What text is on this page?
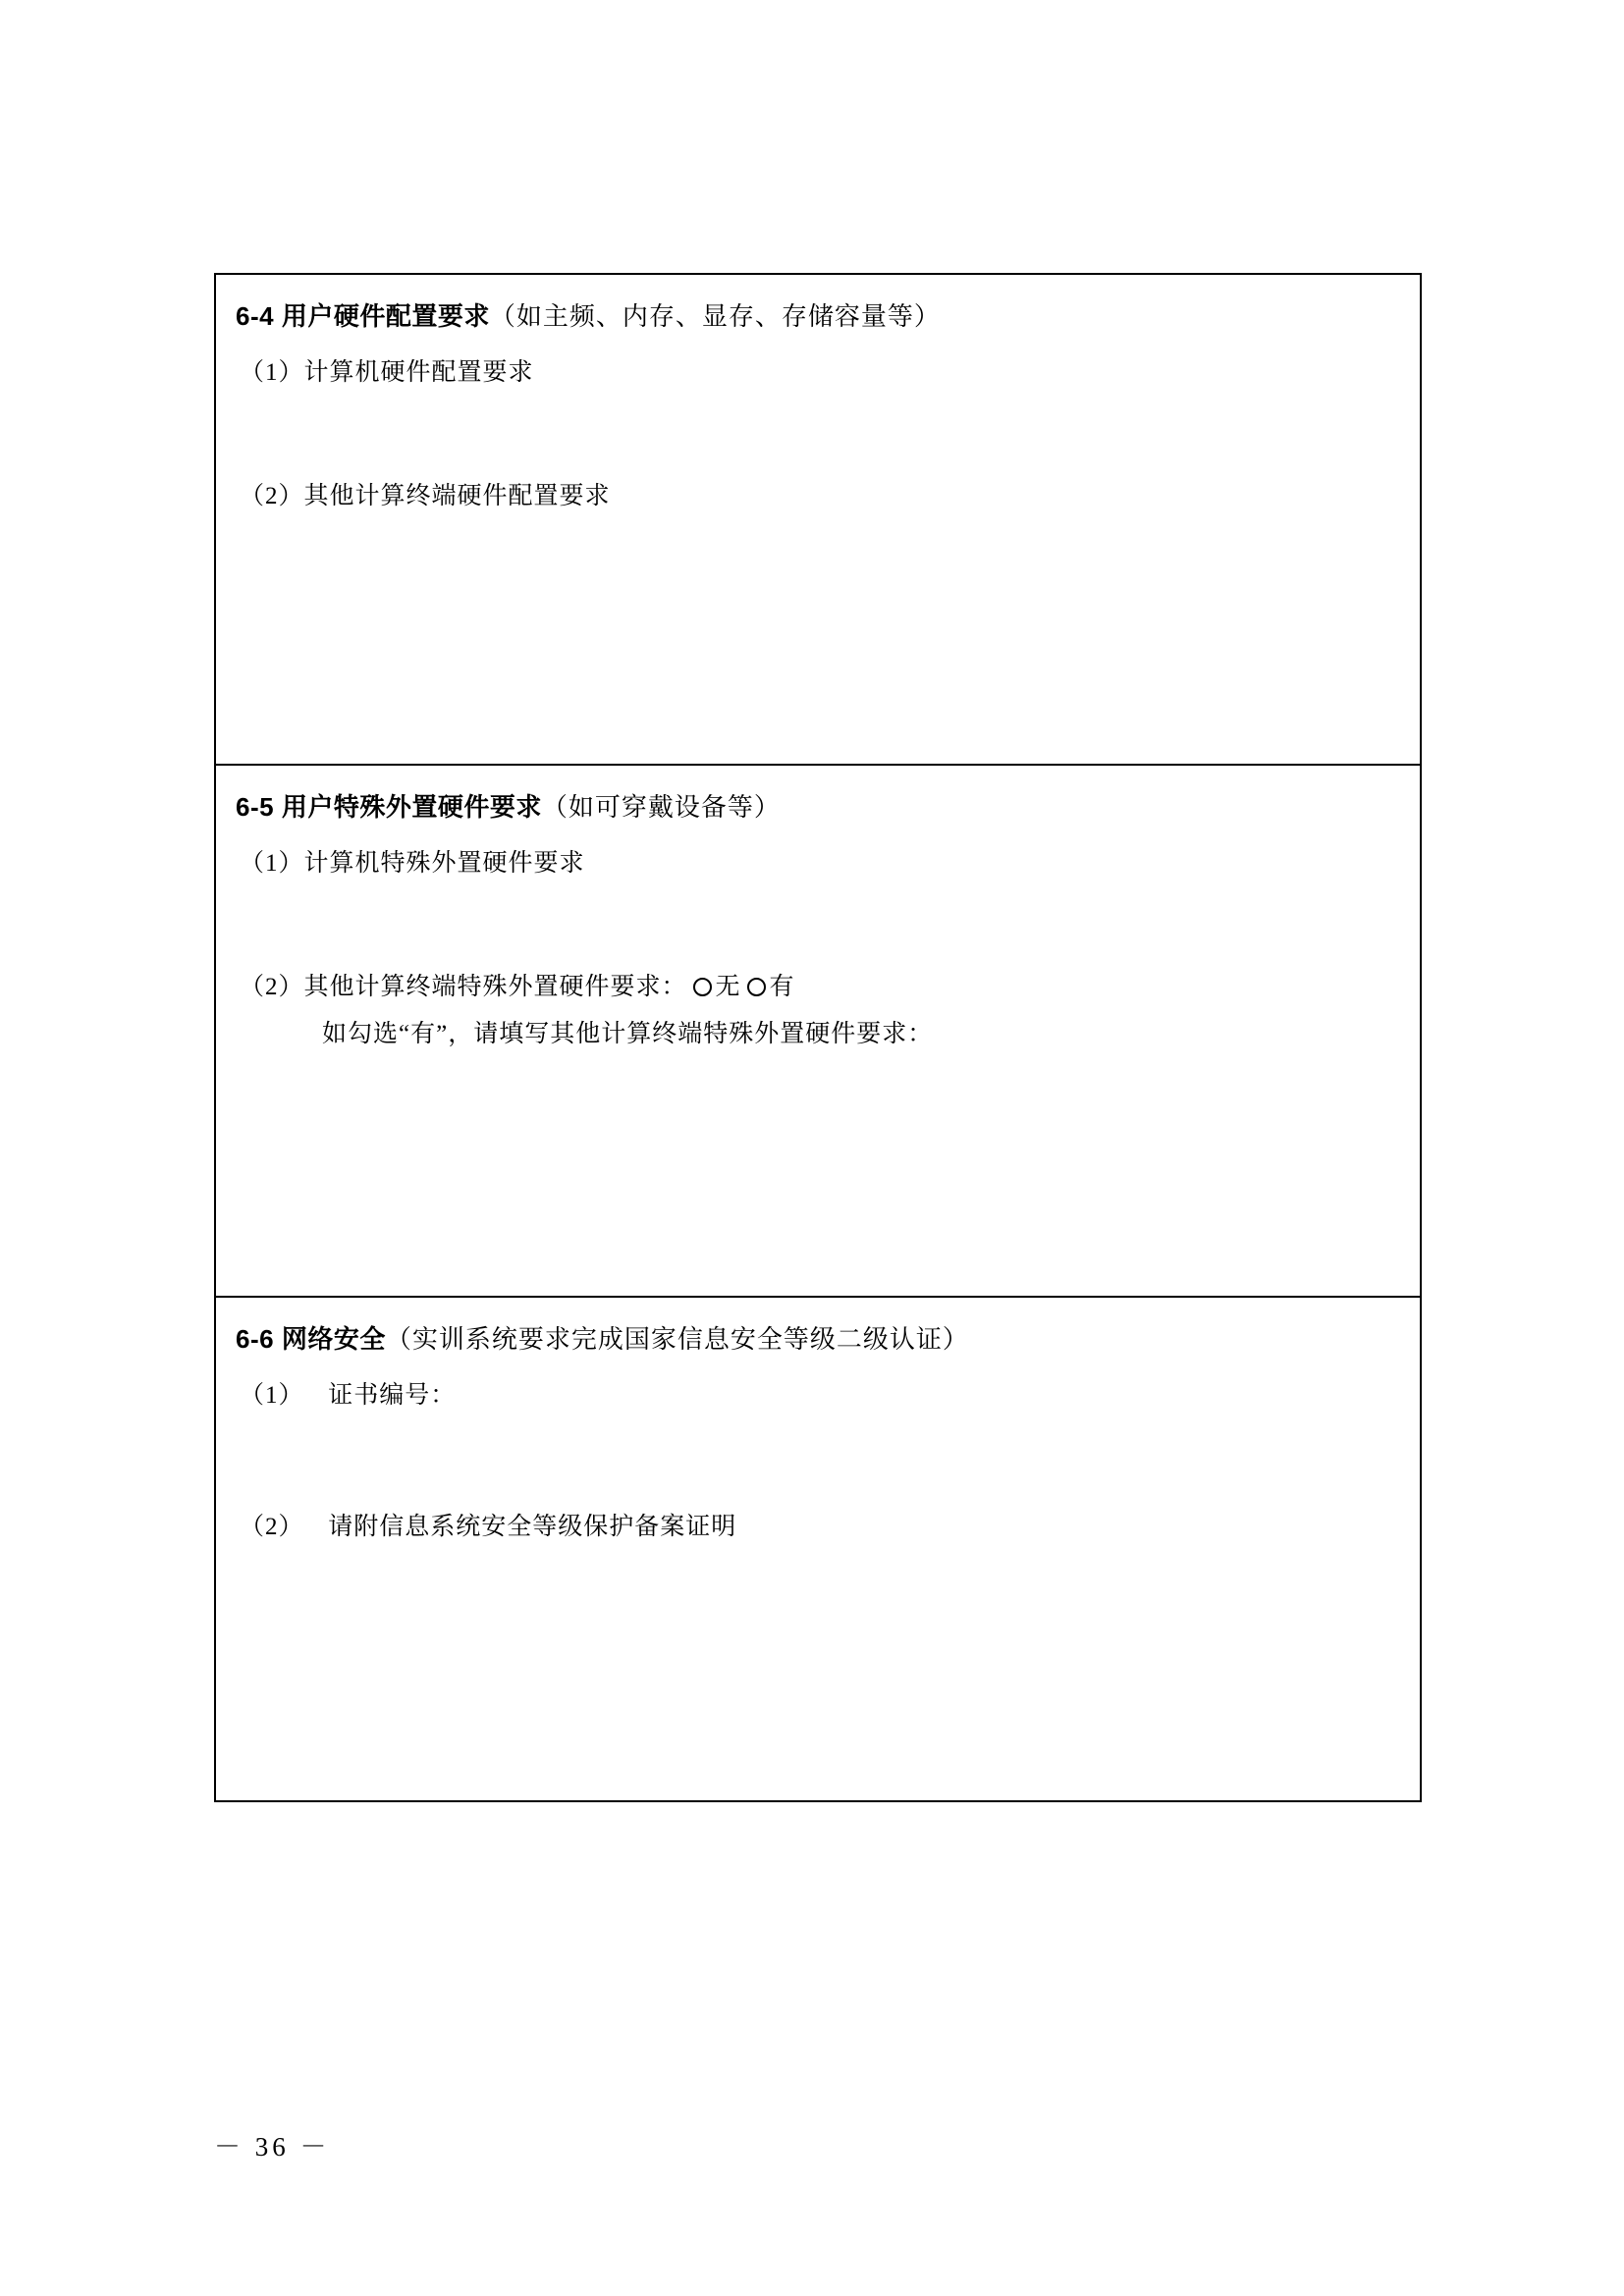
6-4 用户硬件配置要求（如主频、内存、显存、存储容量等）
（1）计算机硬件配置要求
（2）其他计算终端硬件配置要求
6-5 用户特殊外置硬件要求（如可穿戴设备等）
（1）计算机特殊外置硬件要求
（2）其他计算终端特殊外置硬件要求： 无 有
如勾选“有”，请填写其他计算终端特殊外置硬件要求：
6-6 网络安全（实训系统要求完成国家信息安全等级二级认证）
（1） 证书编号：
（2） 请附信息系统安全等级保护备案证明
－ 36 －
